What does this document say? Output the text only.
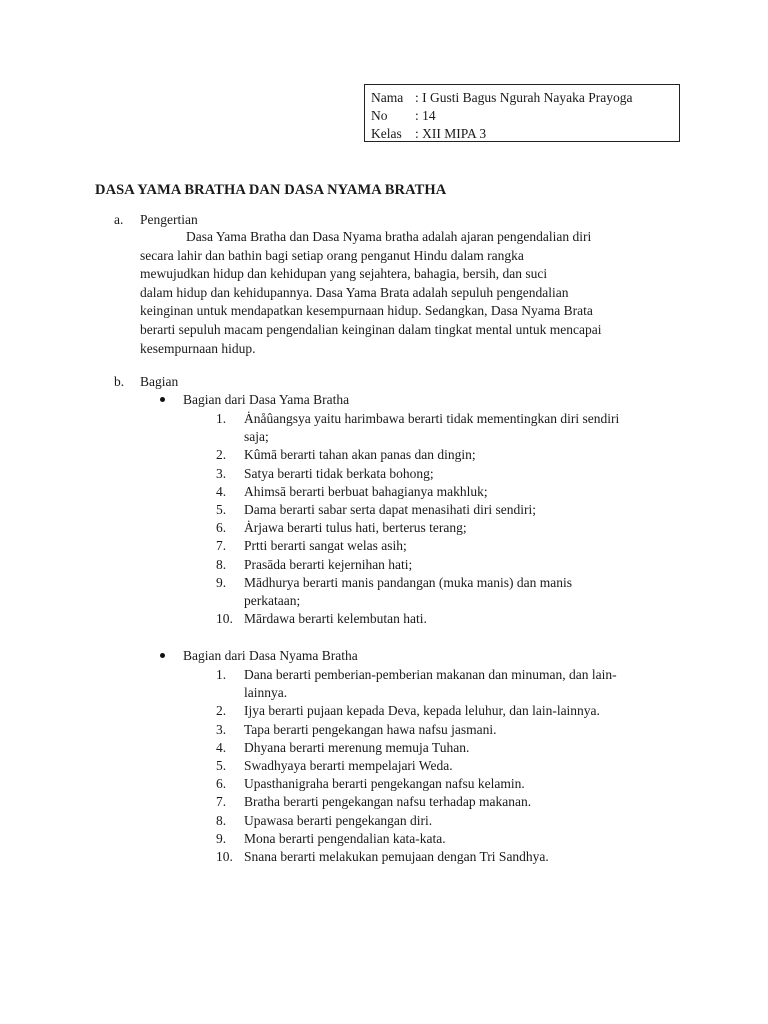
Nama : I Gusti Bagus Ngurah Nayaka Prayoga
No	: 14
Kelas : XII MIPA 3
DASA YAMA BRATHA DAN DASA NYAMA BRATHA
a. Pengertian
Dasa Yama Bratha dan Dasa Nyama bratha adalah ajaran pengendalian diri
secara lahir dan bathin bagi setiap orang penganut Hindu dalam rangka
mewujudkan hidup dan kehidupan yang sejahtera, bahagia, bersih, dan suci
dalam hidup dan kehidupannya. Dasa Yama Brata adalah sepuluh pengendalian
keinginan untuk mendapatkan kesempurnaan hidup. Sedangkan, Dasa Nyama Brata
berarti sepuluh macam pengendalian keinginan dalam tingkat mental untuk mencapai
kesempurnaan hidup.
b. Bagian
Bagian dari Dasa Yama Bratha
1.	Ȧnåûangsya yaitu harimbawa berarti tidak mementingkan diri sendiri
saja;
2.	Kûmā berarti tahan akan panas dan dingin;
3.	Satya berarti tidak berkata bohong;
4.	Ahimsā berarti berbuat bahagianya makhluk;
5.	Dama berarti sabar serta dapat menasihati diri sendiri;
6.	Ȧrjawa berarti tulus hati, berterus terang;
7.	Prtti berarti sangat welas asih;
8.	Prasāda berarti kejernihan hati;
9.	Mādhurya berarti manis pandangan (muka manis) dan manis
perkataan;
10. Mārdawa berarti kelembutan hati.
Bagian dari Dasa Nyama Bratha
1.	Dana berarti pemberian-pemberian makanan dan minuman, dan lain-
lainnya.
2.	Ijya berarti pujaan kepada Deva, kepada leluhur, dan lain-lainnya.
3.	Tapa berarti pengekangan hawa nafsu jasmani.
4.	Dhyana berarti merenung memuja Tuhan.
5.	Swadhyaya berarti mempelajari Weda.
6.	Upasthanigraha berarti pengekangan nafsu kelamin.
7.	Bratha berarti pengekangan nafsu terhadap makanan.
8.	Upawasa berarti pengekangan diri.
9.	Mona berarti pengendalian kata-kata.
10. Snana berarti melakukan pemujaan dengan Tri Sandhya.
